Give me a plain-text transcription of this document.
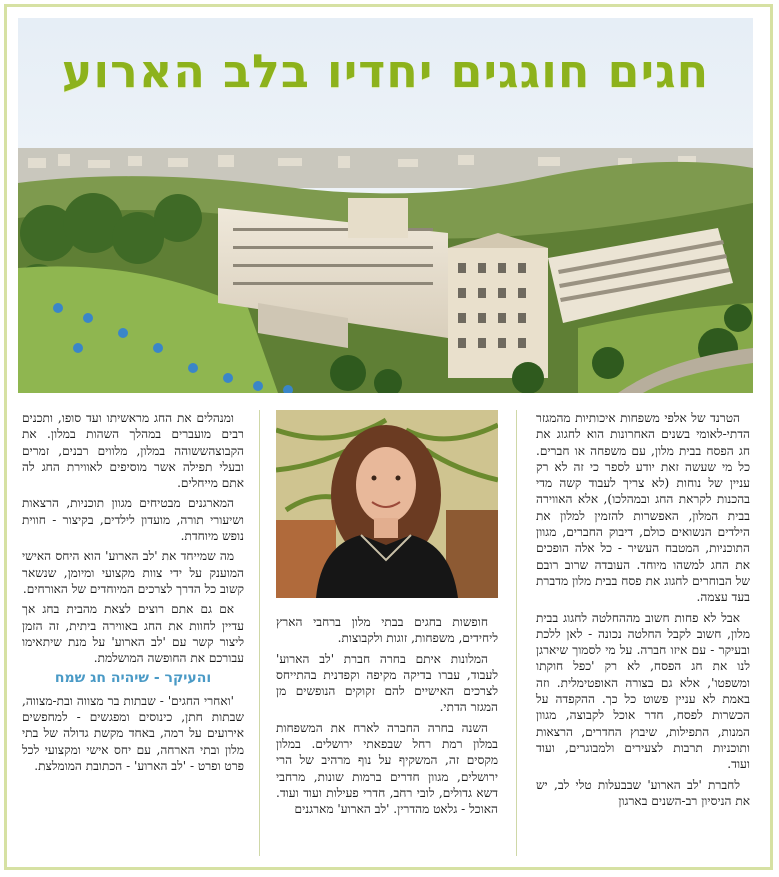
חגים חוגגים יחדיו בלב הארוע

הטרנד של אלפי משפחות איכותיות מהמגזר הדתי-לאומי בשנים האחרונות הוא לחגוג את חג הפסח בבית מלון, עם משפחה או חברים. כל מי שעשה זאת יודע לספר כי זה לא רק עניין של נוחות (לא צריך לעבוד קשה מדי בהכנות לקראת החג ובמהלכו), אלא האווירה בבית המלון, האפשרות להזמין למלון את הילדים הנשואים כולם, דיבוק החברים, מגוון התוכניות, המטבח העשיר - כל אלה הופכים את החג למשהו מיוחד. העובדה שרוב רובם של הבוחרים לחגוג את פסח בבית מלון מדברת בעד עצמה.

אבל לא פחות חשוב מההחלטה לחגוג בבית מלון, חשוב לקבל החלטה נכונה - לאן ללכת ובעיקר - עם איזו חברה. על מי לסמוך שיארגן לנו את חג הפסח, לא רק 'כפל חוקתו ומשפטו', אלא גם בצורה האופטימלית. וזה באמת לא עניין פשוט כל כך. ההקפדה על הכשרות לפסח, חדר אוכל לקבוצה, מגוון המנות, התפילות, שיבוץ החדרים, הרצאות ותוכניות תרבות לצעירים ולמבוגרים, ועוד ועוד.

לחברת 'לב הארוע' שבבעלות טלי לב, יש את הניסיון רב-השנים בארגון

חופשות בחגים בבתי מלון ברחבי הארץ ליחידים, משפחות, זוגות ולקבוצות.

המלונות איתם בחרה חברת 'לב הארוע' לעבוד, עברו בדיקה מקיפה וקפדנית בהתייחס לצרכים האישיים להם זקוקים הנופשים מן המגזר הדתי.

השנה בחרה החברה לארח את המשפחות במלון רמת רחל שבפאתי ירושלים. במלון מקסים זה, המשקיף על נוף מרהיב של הרי ירושלים, מגוון חדרים ברמות שונות, מרחבי דשא גדולים, לובי רחב, חדרי פעילות ועוד ועוד. האוכל - גלאט מהדרין. 'לב הארוע' מארגנים

ומנהלים את החג מראשיתו ועד סופו, ותכנים רבים מועברים במהלך השהות במלון. את הקבוצהששוהה במלון, מלווים רבנים, זמרים ובעלי תפילה אשר מוסיפים לאווירת החג לה אתם מייחלים.

המארגנים מבטיחים מגוון תוכניות, הרצאות ושיעורי תורה, מועדון לילדים, בקיצור - חווית נופש מיוחדת.

מה שמייחד את 'לב הארוע' הוא היחס האישי המוענק על ידי צוות מקצועי ומיומן, שנשאר קשוב כל הדרך לצרכים המיוחדים של האורחים.

אם גם אתם רוצים לצאת מהבית בחג אך עדיין לחוות את החג באווירה ביתית, זה הזמן ליצור קשר עם 'לב הארוע' על מנת שיתאימו עבורכם את החופשה המושלמת.

והעיקר - שיהיה חג שמח

'ואחרי החגים' - שבתות בר מצווה ובת-מצווה, שבתות חתן, כינוסים ומפגשים - למחפשים אירועים על רמה, באחד מקשת גדולה של בתי מלון ובתי הארחה, עם יחס אישי ומקצועי לכל פרט ופרט - 'לב הארוע' - הכתובת המומלצת.
